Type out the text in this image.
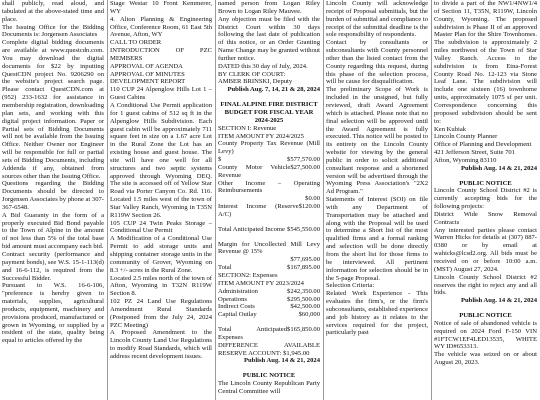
shall publicly, read aloud, and tabulated at the above-stated time and place.

The Issuing Office for the Bidding Documents is: Jorgensen Associates

Complete digital bidding documents are available at www.questcdn.com. You may download the digital documents for $22 by inputting QuestCDN project No. 9206290 on the website's project search page. Please contact QuestCDN.com at (952) 233-1632 for assistance in membership registration, downloading plan sets, and working with this digital project information. Paper or Partial sets of Bidding Documents will not be available from the Issuing Office. Neither Owner nor Engineer will be responsible for full or partial sets of Bidding Documents, including Addenda if any, obtained from sources other than the Issuing Office.

Questions regarding the Bidding Documents should be directed to Jorgensen Associates by phone at 307-367-6548.

A Bid Guaranty in the form of a properly executed Bid Bond payable to the Town of Alpine in the amount of not less than 5% of the total base bid amount must accompany each bid.

Contract security (performance and payment bonds), see W.S. 15-1-113(d) and 16-6-112, is required from the Successful Bidder.

Pursuant to W.S. 16-6-106, "preference is hereby given to materials, supplies, agricultural products, equipment, machinery and provisions produced, manufactured or grown in Wyoming, or supplied by a resident of the state, quality being equal to articles offered by the

Stage Westar 10 Front Kemmerer, WY

4. Alton Planning & Engineering Office, Conference Room, 61 East 5th Avenue, Afton, WY

CALL TO ORDER

INTRODUCTION OF PZC MEMBERS

APPROVAL OF AGENDA

APPROVAL OF MINUTES

DEVELOPMENT REPORT

110 CUP 24 Alpenglow Hills Lot 1 – Guest Cabins

A Conditional Use Permit application for 1 guest cabins of 512 sq ft in the Alpenglow Hills Subdivision. Each guest cabin will be approximately 711 square feet in size on a 1.67 acre Lot in the Rural Zone the Lot has an existing house and guest house. The site will have one well for all structures and two septic systems approved through Wyoming DEQ. The site is accessed off of Yellow Star Road via Porter Canyon Co. Rd. 116. Located 1.5 miles west of the town of Star Valley Ranch, Wyoming in T35N R119W Section 26.

105 CUP 24 Twin Peaks Storage – Conditional Use Permit

A Modification of a Conditional Use Permit to add storage units and shipping container storage units in the community of Grover, Wyoming on 8.3 +/- acres in the Rural Zone.

Located 2.5 miles north of the town of Afton, Wyoming in T32N R119W Section 8.

102 PZ 24 Land Use Regulations Amendment Rural Standards (Postponed from the July 24, 2024 PZC Meeting)

A Proposed Amendment to the Lincoln County Land Use Regulations to modify Road Standards, which will address recent development issues.

named person from Logan Riley Brown to Logan Riley Mauvee.

Any objection must be filed with the District Court within 30 days following the last date of publication of this notice, or an Order Granting Name Change may be granted without further notice.

DATED this 30 day of July, 2024.

BY CLERK OF COURT:

AMBER BRINSKI, Deputy

Publish Aug. 7, 14, 21 & 28, 2024

FINAL ALPINE FIRE DISTRICT BUDGET FOR FISCAL YEAR 2024-2025

SECTION I: Revenue

ITEM AMOUNT FY 2024/2025

County Property Tax Revenue (Mill Levy)

$	$577,570.00

County Motor Vehicle Revenue
$27,500.00

Other Income – Operating Reimbursements

$0.00

Interest Income (Reserve A/C)
$120.00

Total Anticipated Income $545,550.00

Margin for Uncollected Mill Levy Revenue @ 15%

$77,695.00

Total	$167,895.00

SECTION2: Expenses

ITEM AMOUNT FY 2023/2024

Administration	$242,350.00

Operations	$295,500.00

Indirect Costs	$42,500.00

Capital Outlay	$60,000

Total Anticipated Expenses
$165,850.00

DIFFERENCE AVAILABLE RESERVE ACCOUNT: $1,945.00

Publish Aug. 14 & 21, 2024

PUBLIC NOTICE

The Lincoln County Republican Party Central Committee will

Lincoln County will acknowledge receipt of Proposal submittals, but the burden of submittal and compliance to receipt of the submittal deadline is the sole responsibility of respondents.

Contact by consultants or subconsultants with County personnel other than the listed contact from the County regarding this request, during this phase of the selection process, will be cause for disqualification.

The preliminary Scope of Work is included in the unsigned, but fully reviewed, draft Award Agreement which is attached. Please note that no final selection will be approved until the Award Agreement is fully executed. This notice will be posted to its entirety on the Lincoln County website for viewing by the general public in order to solicit additional consultant response and a shortened version will be advertised through the Wyoming Press Association's "2X2 Ad Program."

Statements of Interest (SOI) on file with any Department of Transportation may be attached and along with the Proposal will be used to determine a Short list of the most qualified firms and a formal ranking and selection will be done directly from the short list for those firms to be interviewed. All pertinent information for selection should be in the 5-page Proposal.

Selection Criteria:

Related Work Experience - This evaluates the firm's, or the firm's subconsultants, established experience and job history as it relates to the services required for the project, particularly past

to divide a part of the NW1/4NW1/4 of Section 11, T35N, R119W, Lincoln County, Wyoming. The proposed subdivision is Phase II of an approved Master Plan for the Shire Townhomes. The subdivision is approximately 2 miles northwest of the Town of Star Valley Ranch. Access to the subdivision is from Etna-Forest County Road No. 12-123 via Stone Leaf Lane. The subdivision will include one sixteen (16) townhome units, approximately 1075 sf per unit. Correspondence concerning this proposed subdivision should be sent to:

Ken Kubiak
Lincoln County Planner
Office of Planning and Development
421 Jefferson Street, Suite 701
Afton, Wyoming 83110

Publish Aug. 14 & 21, 2024

PUBLIC NOTICE

Lincoln County School District #2 is currently accepting bids for the following projects:

District Wide Snow Removal Contracts

Any interested parties please contact Warren Hicks for details at (307) 887-0380 or by email at wahicks@lcsd2.org. All bids must be received on or before 10:00 a.m. (MST) August 27, 2024.

Lincoln County School District #2 reserves the right to reject any and all bids.

Publish Aug. 14 & 21, 2024

PUBLIC NOTICE

Notice of sale of abandoned vehicle is required on 2024 Ford F-150 VIN #1FTCW1EF4LED13535, WHITE WY ID#653313.

The vehicle was seized on or about August 20, 2023.
